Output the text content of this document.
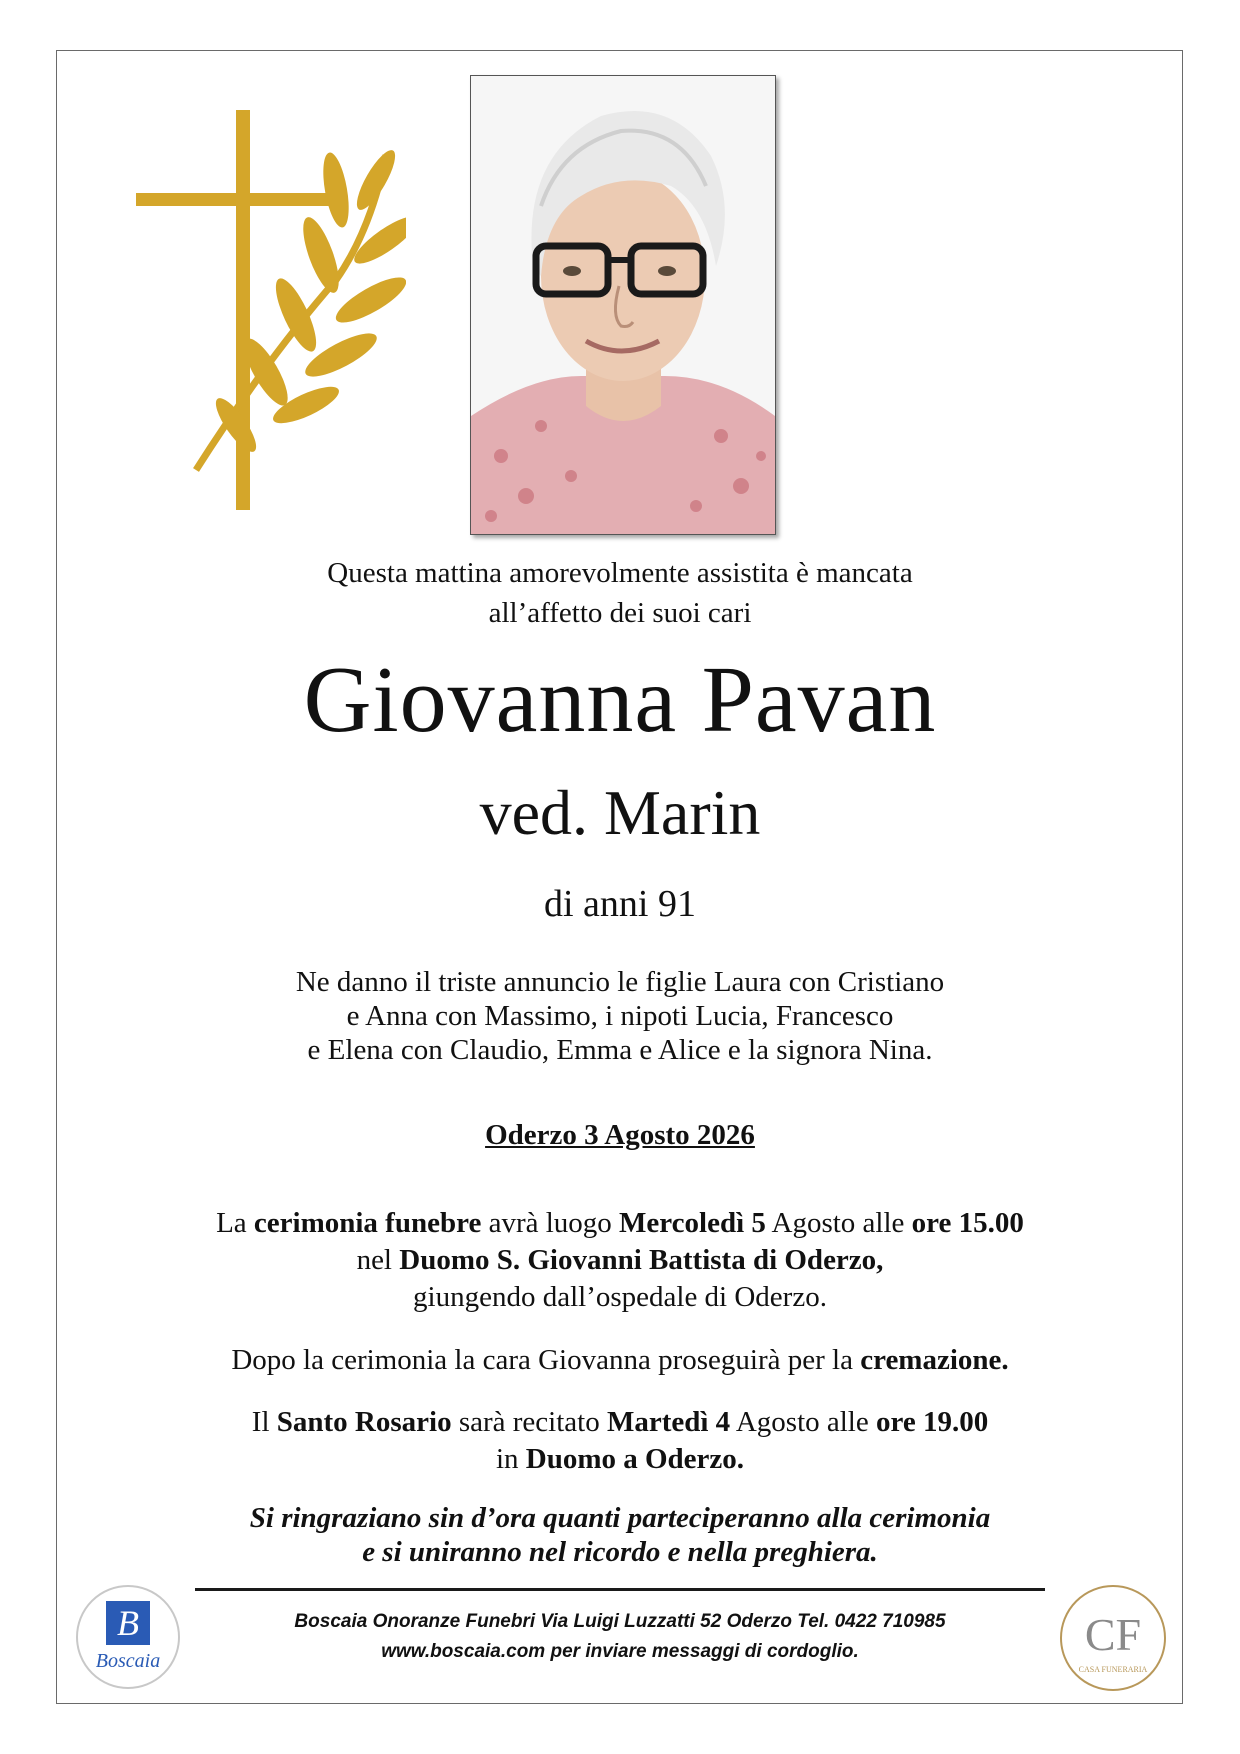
Questa mattina amorevolmente assistita è mancata
all’affetto dei suoi cari
Giovanna Pavan
ved. Marin
di anni 91
Ne danno il triste annuncio le figlie Laura con Cristiano
e Anna con Massimo, i nipoti Lucia, Francesco
e Elena con Claudio, Emma e Alice e la signora Nina.
Oderzo 3 Agosto 2026
La cerimonia funebre avrà luogo Mercoledì 5 Agosto alle ore 15.00
nel Duomo S. Giovanni Battista di Oderzo,
giungendo dall’ospedale di Oderzo.
Dopo la cerimonia la cara Giovanna proseguirà per la cremazione.
Il Santo Rosario sarà recitato Martedì 4 Agosto alle ore 19.00
in Duomo a Oderzo.
Si ringraziano sin d’ora quanti parteciperanno alla cerimonia
e si uniranno nel ricordo e nella preghiera.
Boscaia Onoranze Funebri Via Luigi Luzzatti 52 Oderzo Tel. 0422 710985
www.boscaia.com per inviare messaggi di cordoglio.
B
Boscaia
CF
CASA FUNERARIA
